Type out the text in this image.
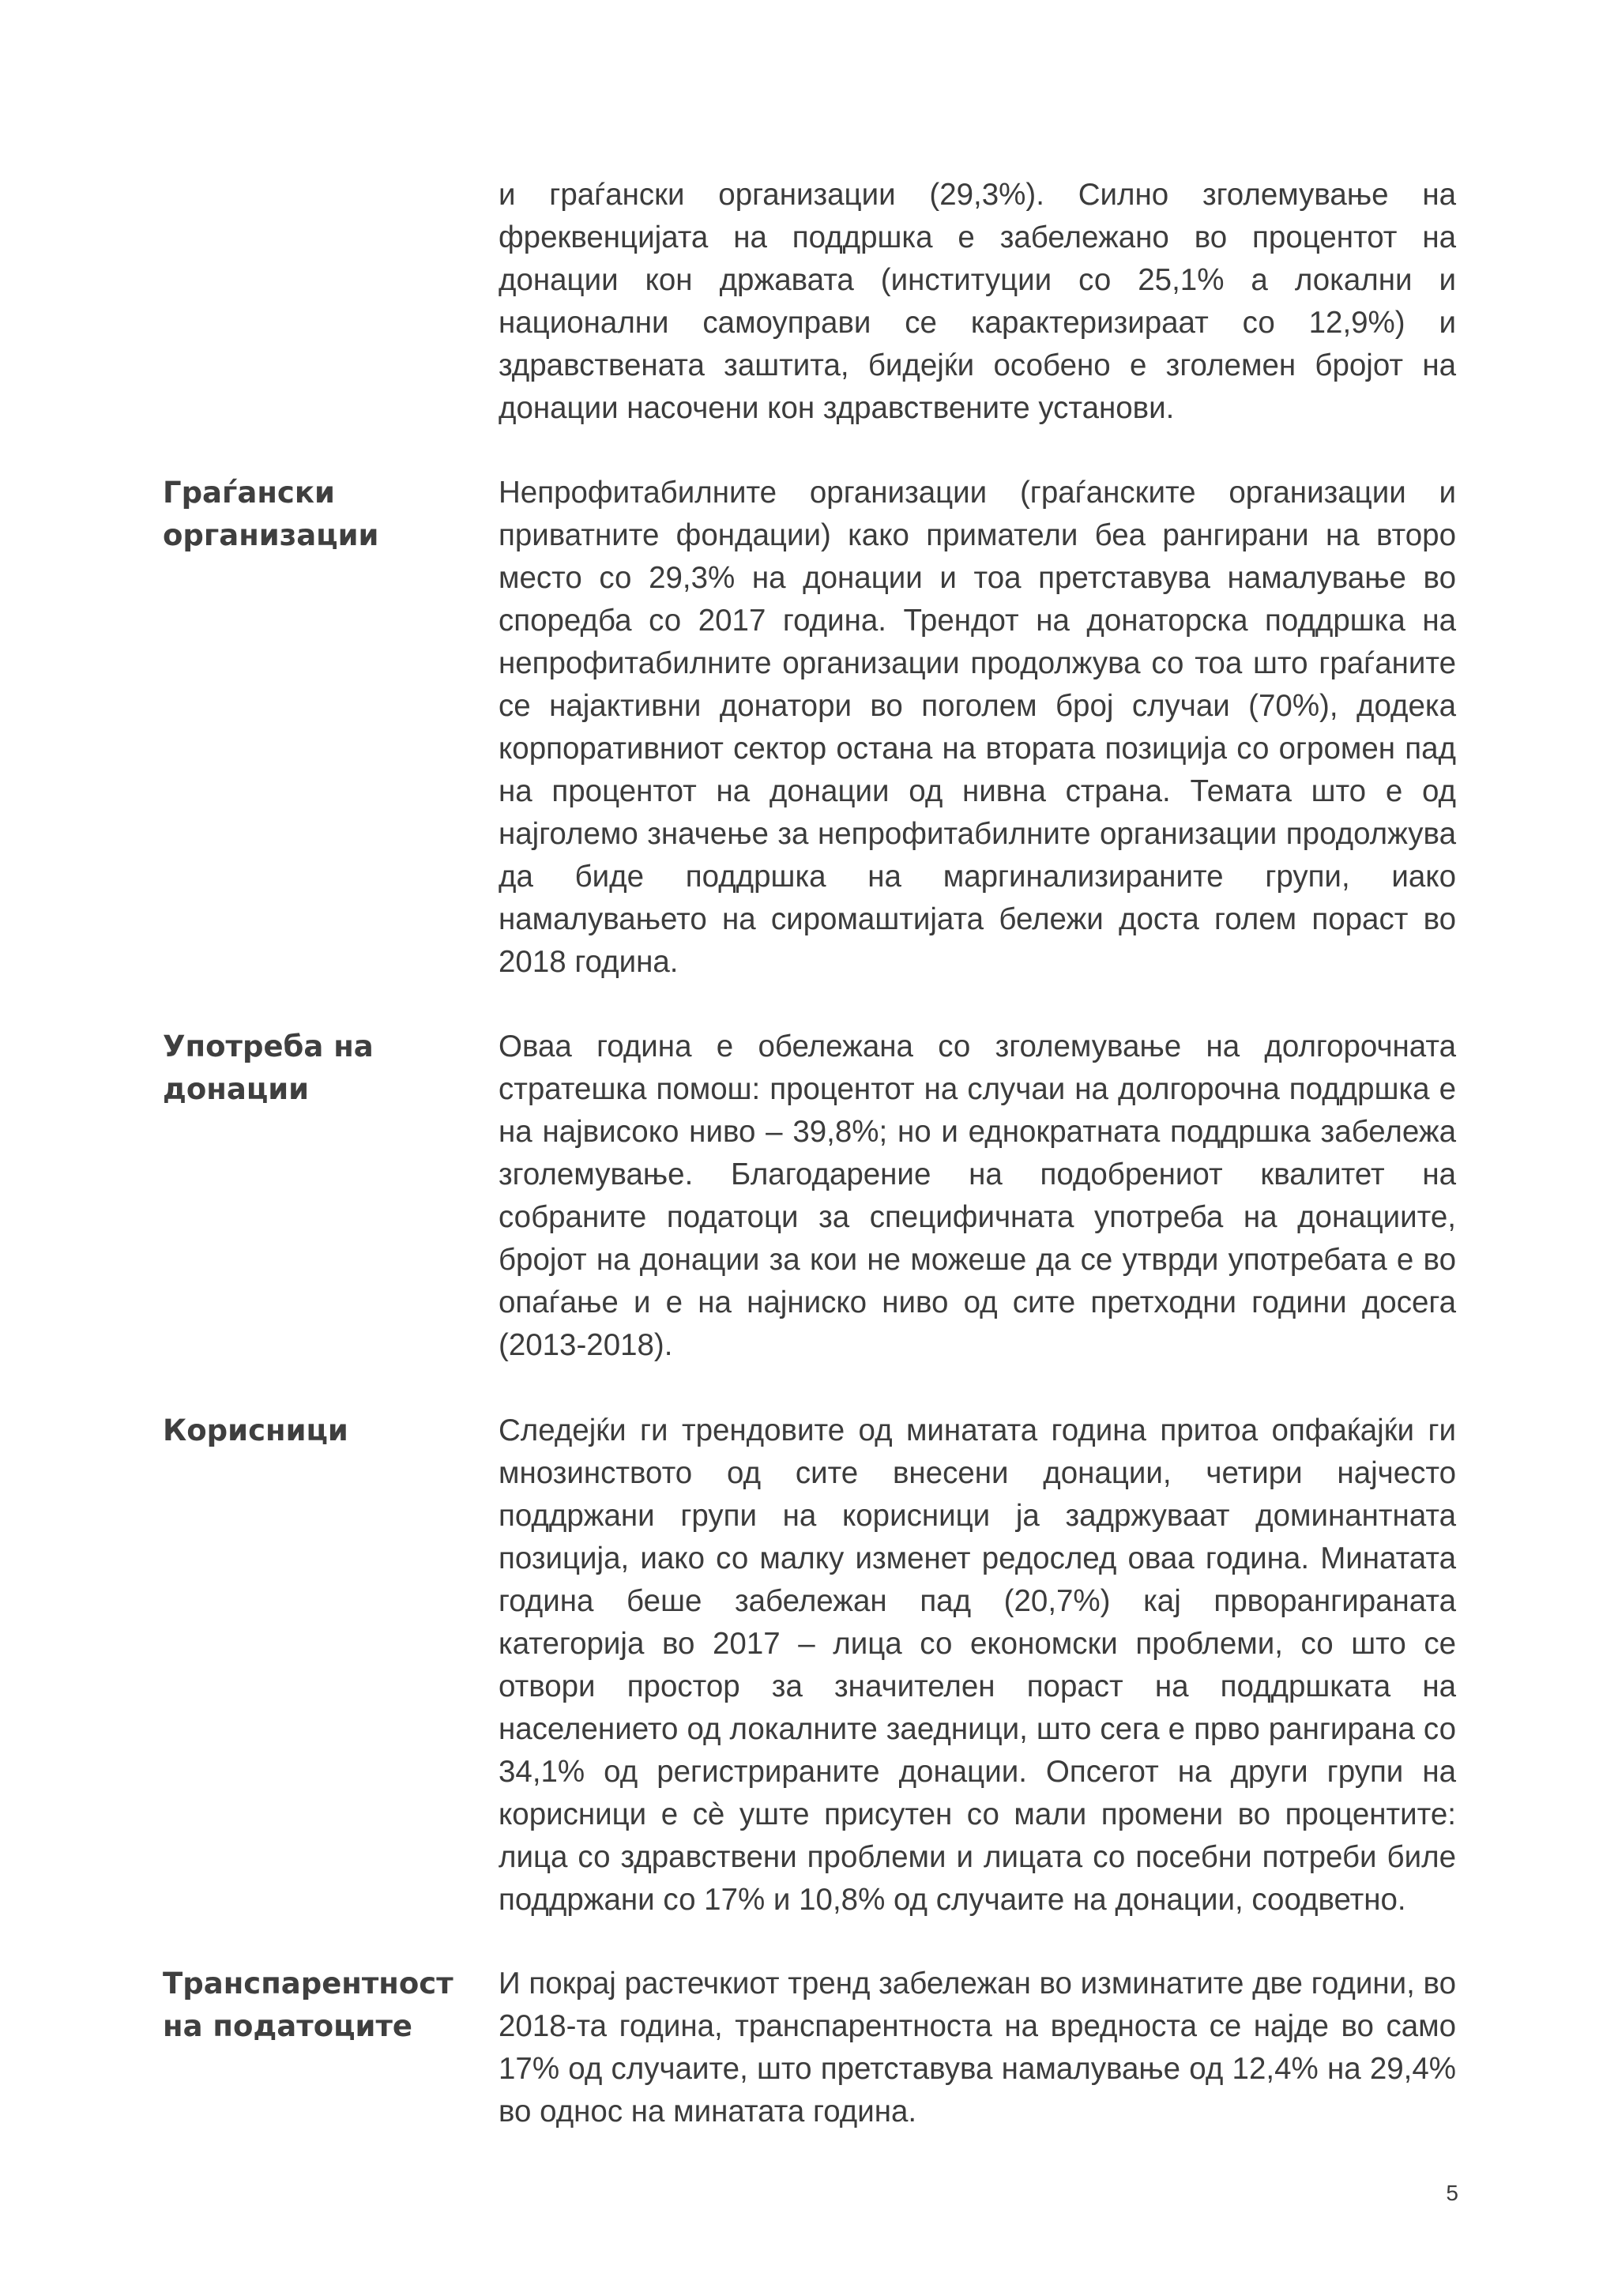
и граѓански организации (29,3%). Силно зголемување на фреквенцијата на поддршка е забележано во процентот на донации кон државата (институции со 25,1% а локални и национални самоуправи се карактеризираат со 12,9%) и здравствената заштита, бидејќи особено е зголемен бројот на донации насочени кон здравствените установи.

Граѓански организации

Непрофитабилните организации (граѓанските организации и приватните фондации) како приматели беа рангирани на второ место со 29,3% на донации и тоа претставува намалување во споредба со 2017 година. Трендот на донаторска поддршка на непрофитабилните организации продолжува со тоа што граѓаните се најактивни донатори во поголем број случаи (70%), додека корпоративниот сектор остана на втората позиција со огромен пад на процентот на донации од нивна страна. Темата што е од најголемо значење за непрофитабилните организации продолжува да биде поддршка на маргинализираните групи, иако намалувањето на сиромаштијата бележи доста голем пораст во 2018 година.

Употреба на донации

Оваа година е обележана со зголемување на долгорочната стратешка помош: процентот на случаи на долгорочна поддршка е на највисоко ниво – 39,8%; но и еднократната поддршка забележа зголемување. Благодарение на подобрениот квалитет на собраните податоци за специфичната употреба на донациите, бројот на донации за кои не можеше да се утврди употребата е во опаѓање и е на најниско ниво од сите претходни години досега (2013-2018).

Корисници	Следејќи ги трендовите од минатата година притоа опфаќајќи ги мнозинството од сите внесени донации, четири најчесто поддржани групи на корисници ја задржуваат доминантната позиција, иако со малку изменет редослед оваа година. Минатата година беше забележан пад (20,7%) кај прворангираната категорија во 2017 – лица со економски проблеми, со што се отвори простор за значителен пораст на поддршката на населението од локалните заедници, што сега е прво рангирана со 34,1% од регистрираните донации. Опсегот на други групи на корисници е сè уште присутен со мали промени во процентите: лица со здравствени проблеми и лицата со посебни потреби биле поддржани со 17% и 10,8% од случаите на донации, соодветно.

Транспарентност на податоците

И покрај растечкиот тренд забележан во изминатите две години, во 2018-та година, транспарентноста на вредноста се најде во само 17% од случаите, што претставува намалување од 12,4% на 29,4% во однос на минатата година.

5
